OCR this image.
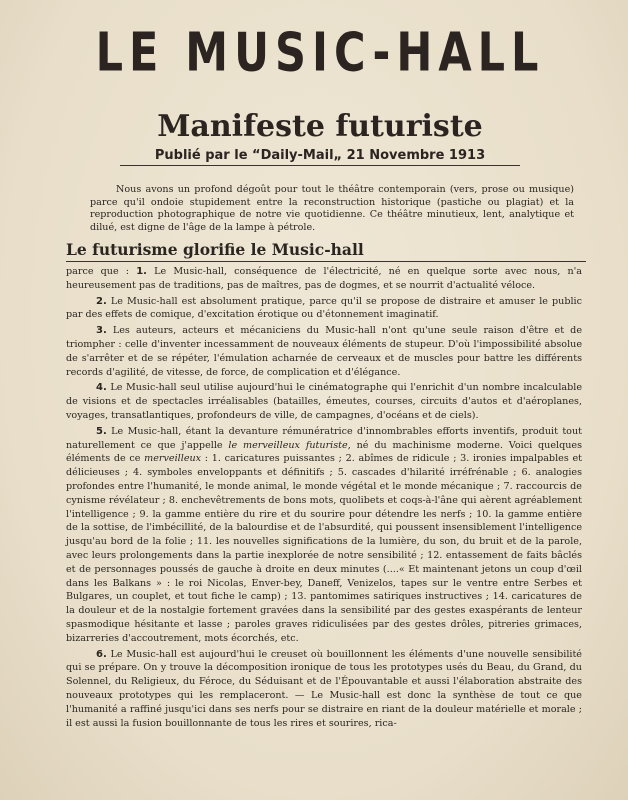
LE MUSIC-HALL
Manifeste futuriste
Publié par le “Daily-Mail„ 21 Novembre 1913

Nous avons un profond dégoût pour tout le théâtre contemporain (vers, prose ou musique) parce qu'il ondoie stupidement entre la reconstruction historique (pastiche ou plagiat) et la reproduction photographique de notre vie quotidienne. Ce théâtre minutieux, lent, analytique et dilué, est digne de l'âge de la lampe à pétrole.

Le futurisme glorifie le Music-hall

parce que : 1. Le Music-hall, conséquence de l'électricité, né en quelque sorte avec nous, n'a heureusement pas de traditions, pas de maîtres, pas de dogmes, et se nourrit d'actualité véloce.

2. Le Music-hall est absolument pratique, parce qu'il se propose de distraire et amuser le public par des effets de comique, d'excitation érotique ou d'étonnement imaginatif.

3. Les auteurs, acteurs et mécaniciens du Music-hall n'ont qu'une seule raison d'être et de triompher : celle d'inventer incessamment de nouveaux éléments de stupeur. D'où l'impossibilité absolue de s'arrêter et de se répéter, l'émulation acharnée de cerveaux et de muscles pour battre les différents records d'agilité, de vitesse, de force, de complication et d'élégance.

4. Le Music-hall seul utilise aujourd'hui le cinématographe qui l'enrichit d'un nombre incalculable de visions et de spectacles irréalisables (batailles, émeutes, courses, circuits d'autos et d'aéroplanes, voyages, transatlantiques, profondeurs de ville, de campagnes, d'océans et de ciels).

5. Le Music-hall, étant la devanture rémunératrice d'innombrables efforts inventifs, produit tout naturellement ce que j'appelle le merveilleux futuriste, né du machinisme moderne. Voici quelques éléments de ce merveilleux : 1. caricatures puissantes ; 2. abîmes de ridicule ; 3. ironies impalpables et délicieuses ; 4. symboles enveloppants et définitifs ; 5. cascades d'hilarité irréfrénable ; 6. analogies profondes entre l'humanité, le monde animal, le monde végétal et le monde mécanique ; 7. raccourcis de cynisme révélateur ; 8. enchevêtrements de bons mots, quolibets et coqs-à-l'âne qui aèrent agréablement l'intelligence ; 9. la gamme entière du rire et du sourire pour détendre les nerfs ; 10. la gamme entière de la sottise, de l'imbécillité, de la balourdise et de l'absurdité, qui poussent insensiblement l'intelligence jusqu'au bord de la folie ; 11. les nouvelles significations de la lumière, du son, du bruit et de la parole, avec leurs prolongements dans la partie inexplorée de notre sensibilité ; 12. entassement de faits bâclés et de personnages poussés de gauche à droite en deux minutes (....« Et maintenant jetons un coup d'œil dans les Balkans » : le roi Nicolas, Enver-bey, Daneff, Venizelos, tapes sur le ventre entre Serbes et Bulgares, un couplet, et tout fiche le camp) ; 13. pantomimes satiriques instructives ; 14. caricatures de la douleur et de la nostalgie fortement gravées dans la sensibilité par des gestes exaspérants de lenteur spasmodique hésitante et lasse ; paroles graves ridiculisées par des gestes drôles, pitreries grimaces, bizarreries d'accoutrement, mots écorchés, etc.

6. Le Music-hall est aujourd'hui le creuset où bouillonnent les éléments d'une nouvelle sensibilité qui se prépare. On y trouve la décomposition ironique de tous les prototypes usés du Beau, du Grand, du Solennel, du Religieux, du Féroce, du Séduisant et de l'Épouvantable et aussi l'élaboration abstraite des nouveaux prototypes qui les remplaceront. — Le Music-hall est donc la synthèse de tout ce que l'humanité a raffiné jusqu'ici dans ses nerfs pour se distraire en riant de la douleur matérielle et morale ; il est aussi la fusion bouillonnante de tous les rires et sourires, rica-
